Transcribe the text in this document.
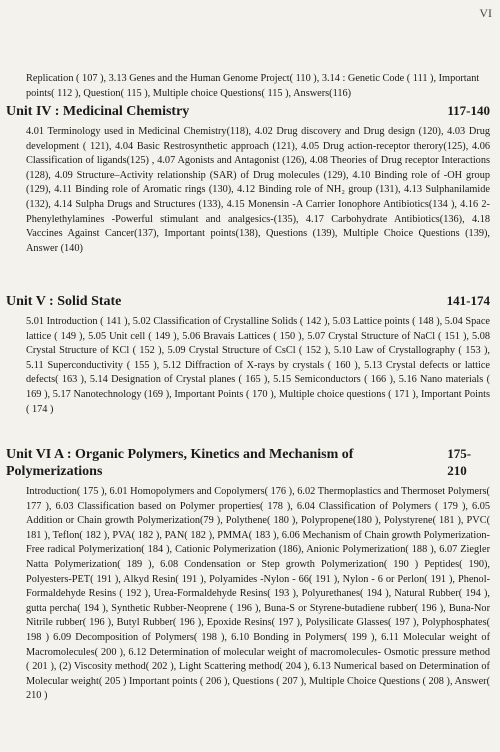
VI
Replication ( 107 ), 3.13 Genes and the Human Genome Project( 110 ), 3.14 : Genetic Code ( 111 ), Important points( 112 ), Question( 115 ), Multiple choice Questions( 115 ), Answers(116)
Unit IV : Medicinal Chemistry	117-140
4.01 Terminology used in Medicinal Chemistry(118), 4.02 Drug discovery and Drug design (120), 4.03 Drug development ( 121), 4.04 Basic Restrosynthetic approach (121), 4.05 Drug action-receptor therory(125), 4.06 Classification of ligands(125) , 4.07 Agonists and Antagonist (126), 4.08 Theories of Drug receptor Interactions (128), 4.09 Structure–Activity relationship (SAR) of Drug molecules (129), 4.10 Binding role of -OH group (129), 4.11 Binding role of Aromatic rings (130), 4.12 Binding role of NH₂ group (131), 4.13 Sulphanilamide (132), 4.14 Sulpha Drugs and Structures (133), 4.15 Monensin -A Carrier Ionophore Antibiotics(134 ), 4.16 2-Phenylethylamines -Powerful stimulant and analgesics-(135), 4.17 Carbohydrate Antibiotics(136), 4.18 Vaccines Against Cancer(137), Important points(138), Questions (139), Multiple Choice Questions (139), Answer (140)
Unit V : Solid State	141-174
5.01 Introduction ( 141 ), 5.02 Classification of Crystalline Solids ( 142 ), 5.03 Lattice points ( 148 ), 5.04 Space lattice ( 149 ), 5.05 Unit cell ( 149 ), 5.06 Bravais Lattices ( 150 ), 5.07 Crystal Structure of NaCl ( 151 ), 5.08 Crystal Structure of KCl ( 152 ), 5.09 Crystal Structure of CsCl ( 152 ), 5.10 Law of Crystallography ( 153 ), 5.11 Superconductivity ( 155 ), 5.12 Diffraction of X-rays by crystals ( 160 ), 5.13 Crystal defects or lattice defects( 163 ), 5.14 Designation of Crystal planes ( 165 ), 5.15 Semiconductors ( 166 ), 5.16 Nano materials ( 169 ), 5.17 Nanotechnology (169 ), Important Points ( 170 ), Multiple choice questions ( 171 ), Important Points ( 174 )
Unit VI A : Organic Polymers, Kinetics and Mechanism of Polymerizations
175-210
Introduction( 175 ), 6.01 Homopolymers and Copolymers( 176 ), 6.02 Thermoplastics and Thermoset Polymers( 177 ), 6.03 Classification based on Polymer properties( 178 ), 6.04 Classification of Polymers ( 179 ), 6.05 Addition or Chain growth Polymerization(79 ), Polythene( 180 ), Polypropene(180 ), Polystyrene( 181 ), PVC( 181 ), Teflon( 182 ), PVA( 182 ), PAN( 182 ), PMMA( 183 ), 6.06 Mechanism of Chain growth Polymerization- Free radical Polymerization( 184 ), Cationic Polymerization (186), Anionic Polymerization( 188 ), 6.07 Ziegler Natta Polymerization( 189 ), 6.08 Condensation or Step growth Polymerization( 190 ) Peptides( 190), Polyesters-PET( 191 ), Alkyd Resin( 191 ), Polyamides -Nylon - 66( 191 ), Nylon - 6 or Perlon( 191 ), Phenol-Formaldehyde Resins ( 192 ), Urea-Formaldehyde Resins( 193 ), Polyurethanes( 194 ), Natural Rubber( 194 ), gutta percha( 194 ), Synthetic Rubber-Neoprene ( 196 ), Buna-S or Styrene-butadiene rubber( 196 ), Buna-Nor Nitrile rubber( 196 ), Butyl Rubber( 196 ), Epoxide Resins( 197 ), Polysilicate Glasses( 197 ), Polyphosphates( 198 ) 6.09 Decomposition of Polymers( 198 ), 6.10 Bonding in Polymers( 199 ), 6.11 Molecular weight of Macromolecules( 200 ), 6.12 Determination of molecular weight of macromolecules- Osmotic pressure method ( 201 ), (2) Viscosity method( 202 ), Light Scattering method( 204 ), 6.13 Numerical based on Determination of Molecular weight( 205 ) Important points ( 206 ), Questions ( 207 ), Multiple Choice Questions ( 208 ), Answer( 210 )
